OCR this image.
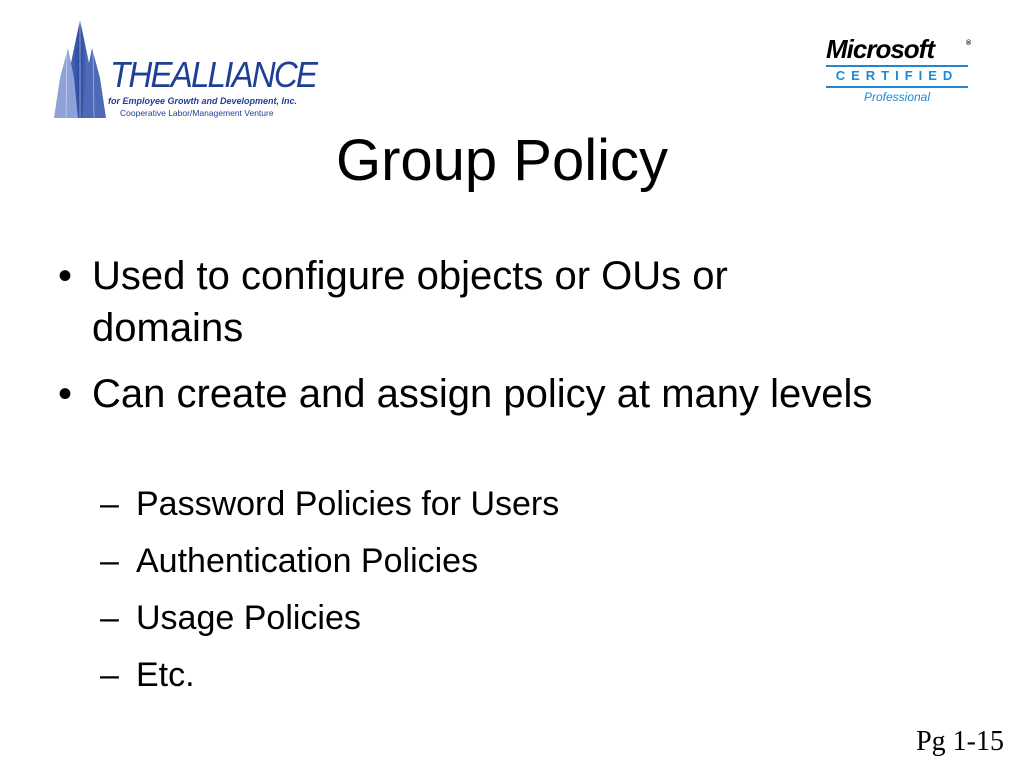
THEALLIANCE
for Employee Growth and Development, Inc.
Cooperative Labor/Management Venture
Microsoft	®
CERTIFIED
Professional
Group Policy
• Used to configure objects or OUs or domains
• Can create and assign policy at many levels
– Password Policies for Users
– Authentication Policies
– Usage Policies
– Etc.
Pg 1-15
